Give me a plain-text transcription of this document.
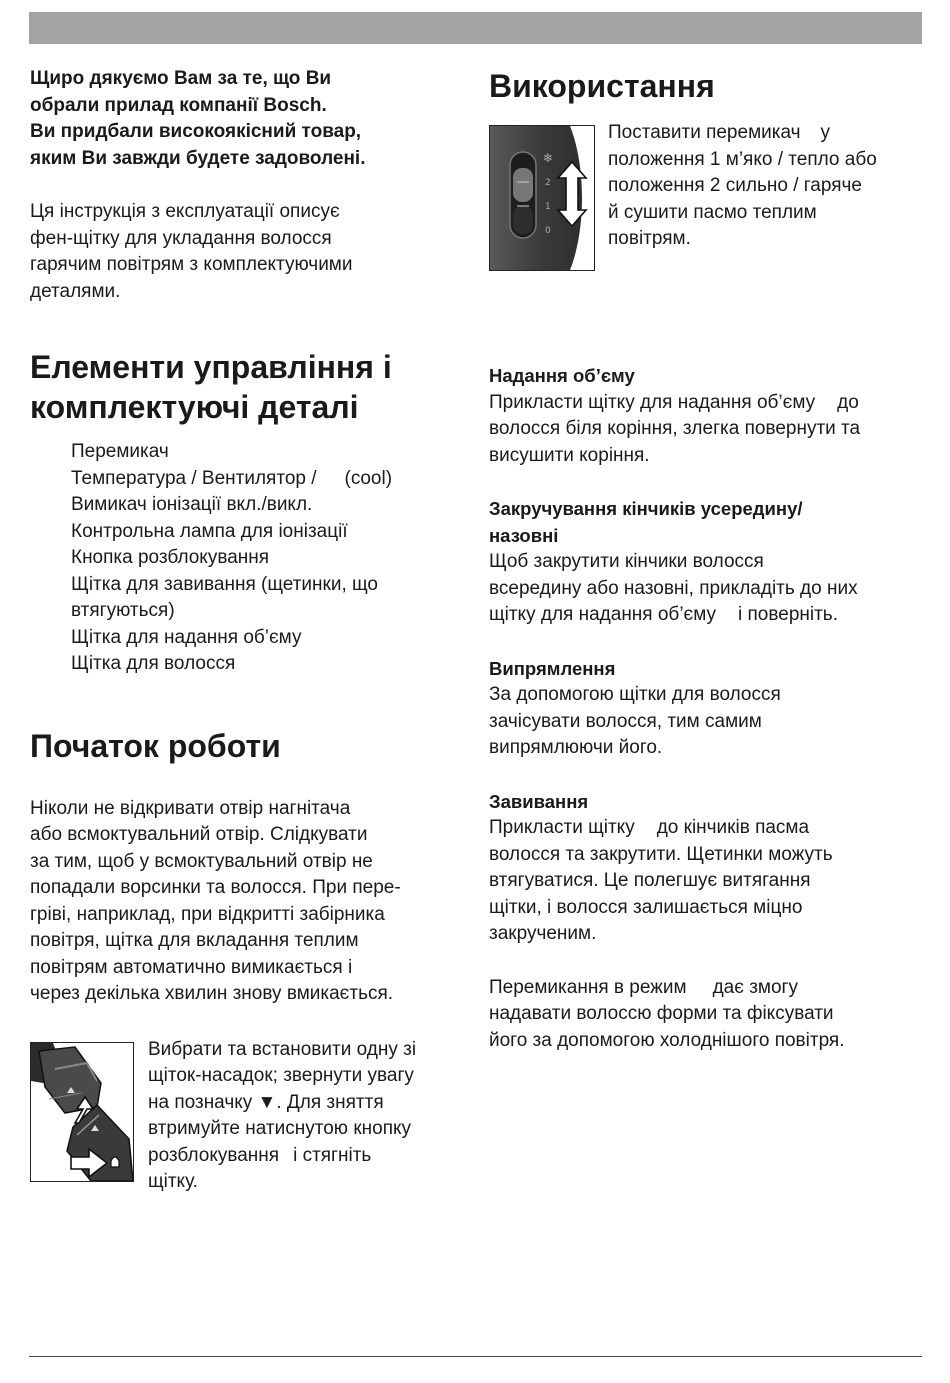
Щиро дякуємо Вам за те, що Ви

обрали прилад компанії Bosch.

Ви придбали високоякісний товар,

яким Ви завжди будете задоволені.

Ця інструкція з експлуатації описує

фен-щітку для укладання волосся

гарячим повітрям з комплектуючими

деталями.

Елементи управління і
комплектуючі деталі
Перемикач
Температура / Вентилятор / (cool)
Вимикач іонізації вкл./викл.
Контрольна лампа для іонізації
Кнопка розблокування
Щітка для завивання (щетинки, що
втягуються)
Щітка для надання об’єму
Щітка для волосся
Початок роботи

Ніколи не відкривати отвір нагнітача

або всмоктувальний отвір. Слідкувати

за тим, щоб у всмоктувальний отвір не

попадали ворсинки та волосся. При пере-

гріві, наприклад, при відкритті забірника

повітря, щітка для вкладання теплим

повітрям автоматично вимикається і

через декілька хвилин знову вмикається.

Вибрати та встановити одну зі

щіток-насадок; звернути увагу

на позначку ▼. Для зняття

втримуйте натиснутою кнопку

розблокування і стягніть

щітку.

Використання
❄
2
1
0

Поставити перемикач у

положення 1 м’яко / тепло або

положення 2 сильно / гаряче

й сушити пасмо теплим

повітрям.

Надання об’єму

Прикласти щітку для надання об’єму до

волосся біля коріння, злегка повернути та

висушити коріння.

Закручування кінчиків усередину/
назовні

Щоб закрутити кінчики волосся

всередину або назовні, прикладіть до них

щітку для надання об’єму і поверніть.

Випрямлення

За допомогою щітки для волосся

зачісувати волосся, тим самим

випрямлюючи його.

Завивання

Прикласти щітку до кінчиків пасма

волосся та закрутити. Щетинки можуть

втягуватися. Це полегшує витягання

щітки, і волосся залишається міцно

закрученим.

Перемикання в режим дає змогу

надавати волоссю форми та фіксувати

його за допомогою холоднішого повітря.
